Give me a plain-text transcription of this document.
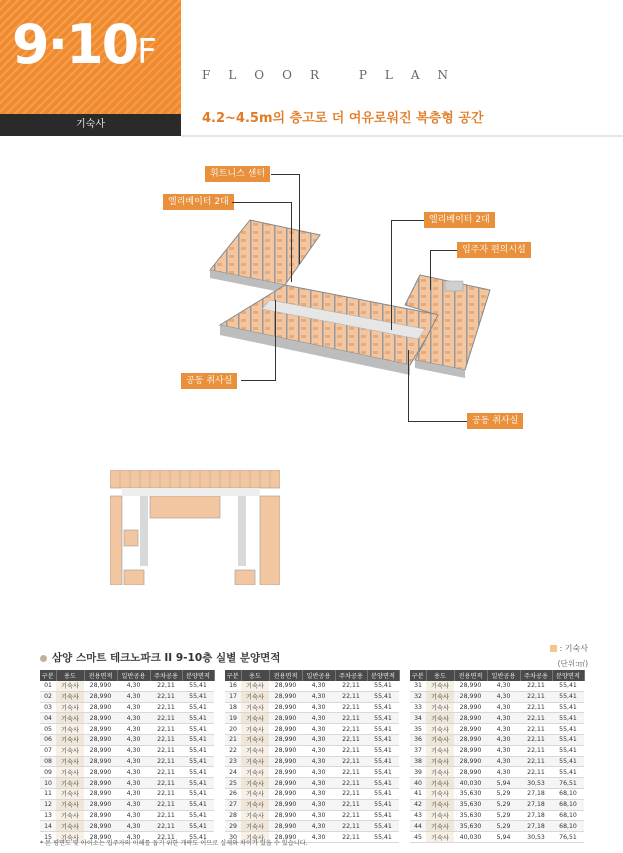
9·10F
기숙사
FLOOR PLAN
4.2~4.5m의 층고로 더 여유로워진 복층형 공간
휘트니스 센터
엘리베이터 2대
엘리베이터 2대
입주자 편의시설
공동 취사실
공동 취사실
삼양 스마트 테크노파크 II 9-10층 실별 분양면적
: 기숙사
(단위:㎡)
구분	용도	전용면적	일반공용	주차공용	분양면적
01	기숙사	28,990	4,30	22,11	55,41
02	기숙사	28,990	4,30	22,11	55,41
03	기숙사	28,990	4,30	22,11	55,41
04	기숙사	28,990	4,30	22,11	55,41
05	기숙사	28,990	4,30	22,11	55,41
06	기숙사	28,990	4,30	22,11	55,41
07	기숙사	28,990	4,30	22,11	55,41
08	기숙사	28,990	4,30	22,11	55,41
09	기숙사	28,990	4,30	22,11	55,41
10	기숙사	28,990	4,30	22,11	55,41
11	기숙사	28,990	4,30	22,11	55,41
12	기숙사	28,990	4,30	22,11	55,41
13	기숙사	28,990	4,30	22,11	55,41
14	기숙사	28,990	4,30	22,11	55,41
15	기숙사	28,990	4,30	22,11	55,41
구분	용도	전용면적	일반공용	주차공용	분양면적
16	기숙사	28,990	4,30	22,11	55,41
17	기숙사	28,990	4,30	22,11	55,41
18	기숙사	28,990	4,30	22,11	55,41
19	기숙사	28,990	4,30	22,11	55,41
20	기숙사	28,990	4,30	22,11	55,41
21	기숙사	28,990	4,30	22,11	55,41
22	기숙사	28,990	4,30	22,11	55,41
23	기숙사	28,990	4,30	22,11	55,41
24	기숙사	28,990	4,30	22,11	55,41
25	기숙사	28,990	4,30	22,11	55,41
26	기숙사	28,990	4,30	22,11	55,41
27	기숙사	28,990	4,30	22,11	55,41
28	기숙사	28,990	4,30	22,11	55,41
29	기숙사	28,990	4,30	22,11	55,41
30	기숙사	28,990	4,30	22,11	55,41
구분	용도	전용면적	일반공용	주차공용	분양면적
31	기숙사	28,990	4,30	22,11	55,41
32	기숙사	28,990	4,30	22,11	55,41
33	기숙사	28,990	4,30	22,11	55,41
34	기숙사	28,990	4,30	22,11	55,41
35	기숙사	28,990	4,30	22,11	55,41
36	기숙사	28,990	4,30	22,11	55,41
37	기숙사	28,990	4,30	22,11	55,41
38	기숙사	28,990	4,30	22,11	55,41
39	기숙사	28,990	4,30	22,11	55,41
40	기숙사	40,030	5,94	30,53	76,51
41	기숙사	35,630	5,29	27,18	68,10
42	기숙사	35,630	5,29	27,18	68,10
43	기숙사	35,630	5,29	27,18	68,10
44	기숙사	35,630	5,29	27,18	68,10
45	기숙사	40,030	5,94	30,53	76,51
* 본 평면도 및 아이소는 입주자의 이해를 돕기 위한 개략도 이므로 실제와 차이가 있을 수 있습니다.
